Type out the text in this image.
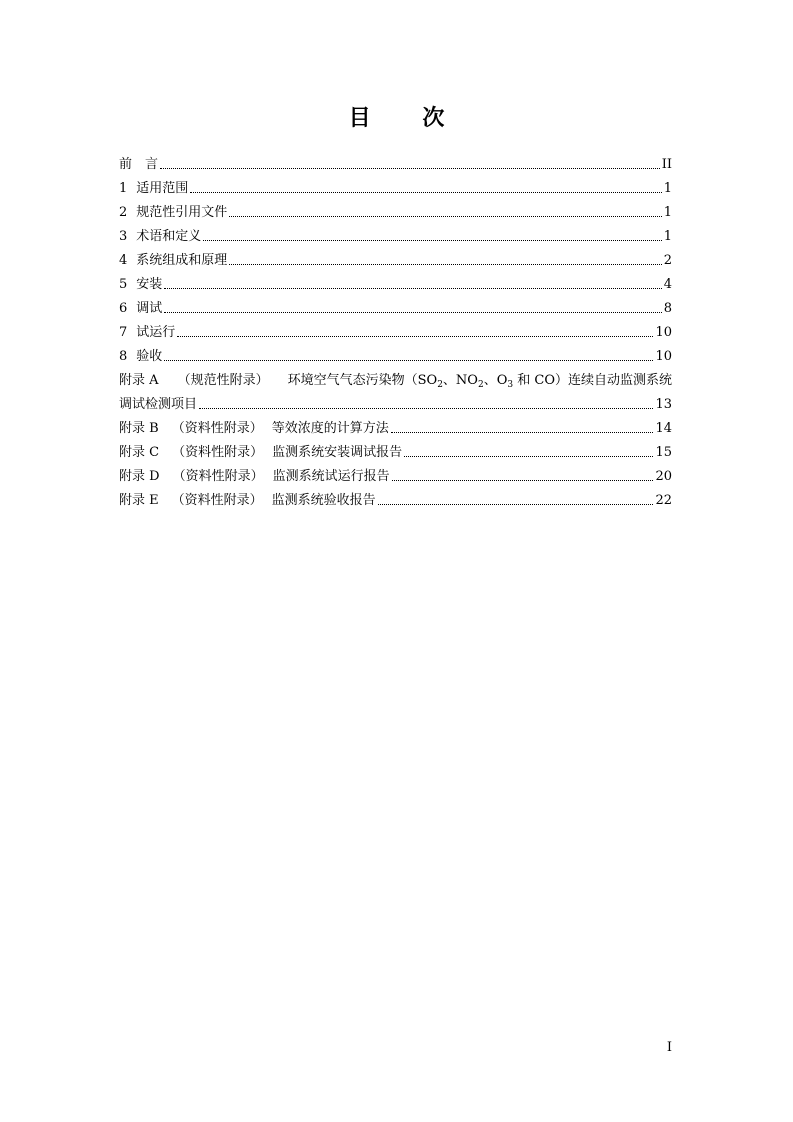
目 次
前 言	II
1 适用范围	1
2 规范性引用文件	1
3 术语和定义	1
4 系统组成和原理	2
5 安装	4
6 调试	8
7 试运行	10
8 验收	10
附录 A （规范性附录） 环境空气气态污染物（$SO_2$、$NO_2$、$O_3$ 和 CO）连续自动监测系统
调试检测项目	13
附录 B （资料性附录） 等效浓度的计算方法	14
附录 C （资料性附录） 监测系统安装调试报告	15
附录 D （资料性附录） 监测系统试运行报告	20
附录 E （资料性附录） 监测系统验收报告	22
I
